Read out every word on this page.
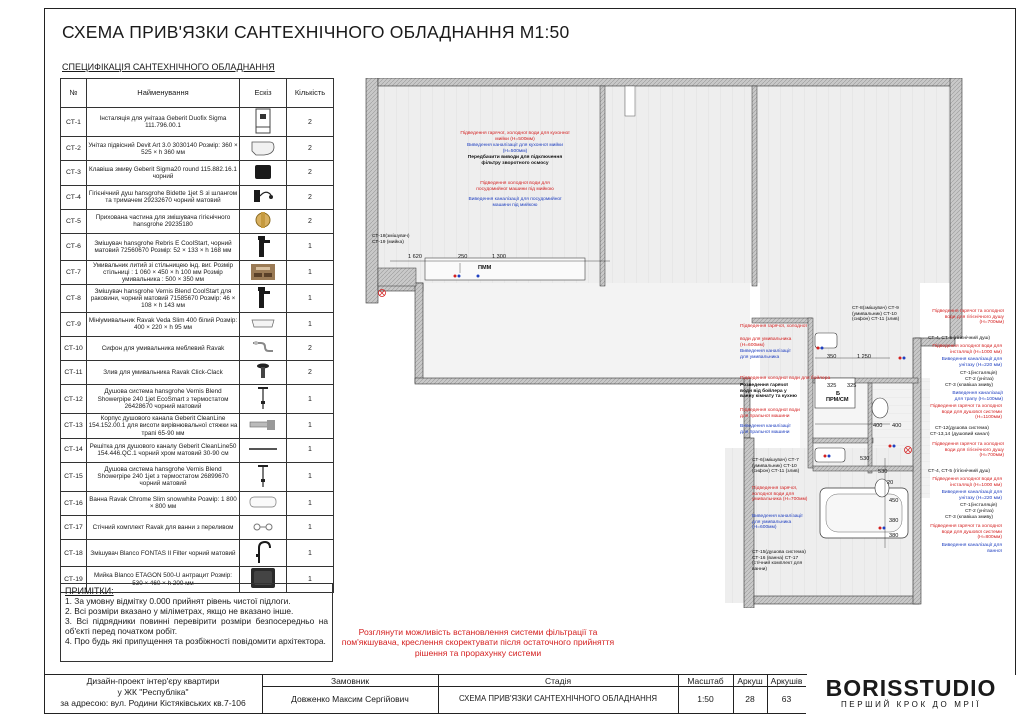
СХЕМА ПРИВ'ЯЗКИ САНТЕХНІЧНОГО ОБЛАДНАННЯ М1:50
СПЕЦИФІКАЦІЯ САНТЕХНІЧНОГО ОБЛАДНАННЯ
№	Найменування	Ескіз	Кількість
СТ-1	Інсталяція для унітаза Geberit Duofix Sigma 111.796.00.1		2
СТ-2	Унітаз підвісний Devit Art 3.0 3030140 Розмір: 360 × 525 × h 360 мм		2
СТ-3	Клавіша змиву Geberit Sigma20 round 115.882.16.1 чорний		2
СТ-4	Гігієнічний душ hansgrohe Bidette 1jet S зі шлангом та тримачем 29232670 чорний матовий		2
СТ-5	Прихована частина для змішувача гігієнічного hansgrohe 29235180		2
СТ-6	Змішувач hansgrohe Rebris E CoolStart, чорний матовий 72560670 Розмір: 52 × 133 × h 168 мм		1
СТ-7	Умивальник литий зі стільницею інд. виг. Розмір стільниці : 1 060 × 450 × h 100 мм Розмір умивальника : 500 × 350 мм		1
СТ-8	Змішувач hansgrohe Vernis Blend CoolStart для раковини, чорний матовий 71585670 Розмір: 46 × 108 × h 143 мм		1
СТ-9	Мініумивальник Ravak Veda Slim 400 білий Розмір: 400 × 220 × h 95 мм		1
СТ-10	Сифон для умивальника меблевий Ravak		2
СТ-11	Злив для умивальника Ravak Click-Clack		2
СТ-12	Душова система hansgrohe Vernis Blend Showerpipe 240 1jet EcoSmart з термостатом 26428670 чорний матовий		1
СТ-13	Корпус душового канала Geberit CleanLine 154.152.00.1 для висоти вирівнювальної стяжки на трапі 65-90 мм		1
СТ-14	Решітка для душового каналу Geberit CleanLine50 154.446.QC.1 чорний хром матовий 30-90 см		1
СТ-15	Душова система hansgrohe Vernis Blend Showerpipe 240 1jet з термостатом 26899670 чорний матовий		1
СТ-16	Ванна Ravak Chrome Slim snowwhite Розмір: 1 800 × 800 мм		1
СТ-17	Стічний комплект Ravak для ванни з переливом		1
СТ-18	Змішувач Blanco FONTAS II Filter чорний матовий		1
СТ-19	Мийка Blanco ETAGON 500-U антрацит Розмір: 530 × 460 × h 200 мм		1
ПРИМІТКИ:
1. За умовну відмітку 0.000 прийнят рівень чистої підлоги.
2. Всі розміри вказано у міліметрах, якщо не вказано інше.
3. Всі підрядники повинні перевірити розміри безпосередньо на об'єкті перед початком робіт.
4. Про будь які припущення та розбіжності повідомити архітектора.
Підведення гарячої, холодної води для кухонної мийки (Н=500мм)
Виведення каналізації для кухонної мийки (Н=500мм)
Передбачити виводи для підключення фільтру зворотного осмосу
Підведення холодної води для посудомийної машини під мийкою
Виведення каналізації для посудомийної машини під мийкою
СТ-18(змішувач)
СТ-19 (мийка)
1 620	250	1 300
ПММ
Підведення гарячої, холодної
води для умивальника
(Н=600мм)
Виведення каналізації
для умивальника
Підведення холодної води для бойлера
Розведення гарячої води від бойлера у ванну кімнату та кухню
Підведення холодної води для пральної машини
Виведення каналізації для пральної машини
СТ-8(змішувач) СТ-9 (умивальник) СТ-10 (сифон) СТ-11 (злив)
СТ-6(змішувач) СТ-7 (умивальник) СТ-10 (сифон) СТ-11 (злив)
Підведення гарячої, холодної води для умивальника (Н=700мм)
Виведення каналізації для умивальника (Н=600мм)
СТ-15(душова система) СТ-16 (ванна) СТ-17 (стічний комплект для ванни)
350	1 250
325 325
Б
ПРМ/СМ
400 400
530
530
20
450
380
380
Підведення гарячої та холодної води для гігієнічного душу (Н=700мм)
СТ-4, СТ-5 (гігієнічний душ)
Підведення холодної води для інсталяції (Н=1000 мм)
Виведення каналізації для унітазу (Н=220 мм)
СТ-1(інсталяція)
СТ-2 (унітаз)
СТ-3 (клавіша змиву)
Виведення каналізації для трапу (Н=100мм)
Підведення гарячої та холодної води для душової системи (Н=1100мм)
СТ-12(душова система)
СТ-13,14 (душовий канал)
Підведення гарячої та холодної води для гігієнічного душу (Н=700мм)
СТ-4, СТ-5 (гігієнічний душ)
Підведення холодної води для інсталяції (Н=1000 мм)
Виведення каналізації для унітазу (Н=220 мм)
СТ-1(інсталяція)
СТ-2 (унітаз)
СТ-3 (клавіша змиву)
Підведення гарячої та холодної води для душової системи (Н=800мм)
Виведення каналізації для ванної
Розглянути можливість встановлення системи фільтрації та пом'якшувача, креслення скоректувати після остаточного прийняття рішення та прорахунку системи
Дизайн-проект інтер'єру квартири
у ЖК "Республіка"
за адресою: вул. Родини Кістяківських кв.7-106
Замовник	Стадія	Масштаб	Аркуш Аркушів
Довженко Максим Сергійович	СХЕМА ПРИВ'ЯЗКИ САНТЕХНІЧНОГО ОБЛАДНАННЯ	1:50	28	63	BORISSTUDIO
ПЕРШИЙ КРОК ДО МРІЇ
